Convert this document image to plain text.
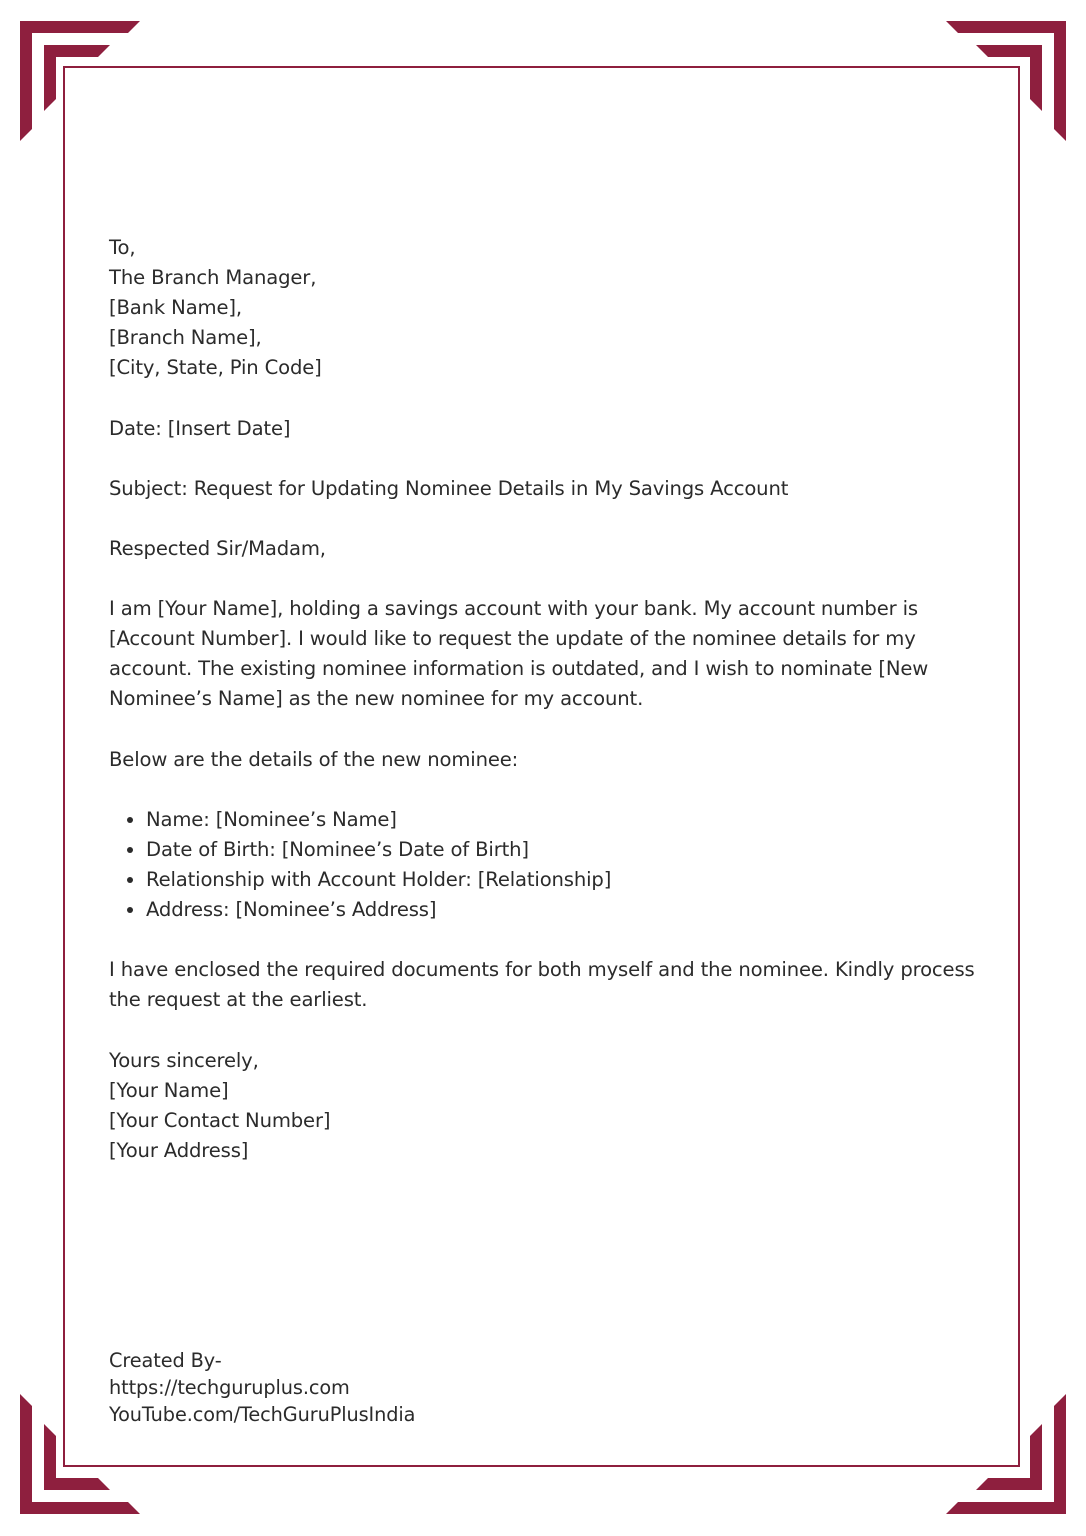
To,

The Branch Manager,

[Bank Name],

[Branch Name],

[City, State, Pin Code]

Date: [Insert Date]

Subject: Request for Updating Nominee Details in My Savings Account

Respected Sir/Madam,

I am [Your Name], holding a savings account with your bank. My account number is [Account Number]. I would like to request the update of the nominee details for my account. The existing nominee information is outdated, and I wish to nominate [New Nominee’s Name] as the new nominee for my account.

Below are the details of the new nominee:

• Name: [Nominee’s Name]
• Date of Birth: [Nominee’s Date of Birth]
• Relationship with Account Holder: [Relationship]
• Address: [Nominee’s Address]

I have enclosed the required documents for both myself and the nominee. Kindly process the request at the earliest.

Yours sincerely,

[Your Name]

[Your Contact Number]

[Your Address]

Created By-

https://techguruplus.com

YouTube.com/TechGuruPlusIndia
